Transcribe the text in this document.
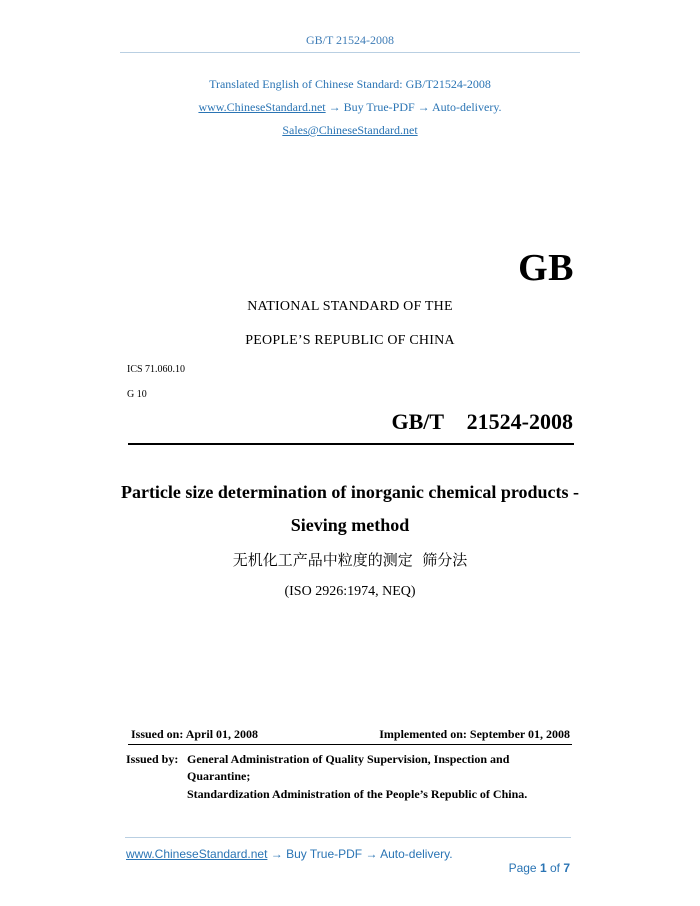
GB/T 21524-2008
Translated English of Chinese Standard: GB/T21524-2008
www.ChineseStandard.net → Buy True-PDF → Auto-delivery.
Sales@ChineseStandard.net
GB
NATIONAL STANDARD OF THE
PEOPLE’S REPUBLIC OF CHINA
ICS 71.060.10
G 10
GB/T  21524-2008
Particle size determination of inorganic chemical products -
Sieving method
无机化工产品中粒度的测定  筛分法
(ISO 2926:1974, NEQ)
Issued on: April 01, 2008	Implemented on: September 01, 2008
Issued by: General Administration of Quality Supervision, Inspection and
Quarantine;
Standardization Administration of the People’s Republic of China.
www.ChineseStandard.net → Buy True-PDF → Auto-delivery.

Page 1 of 7
